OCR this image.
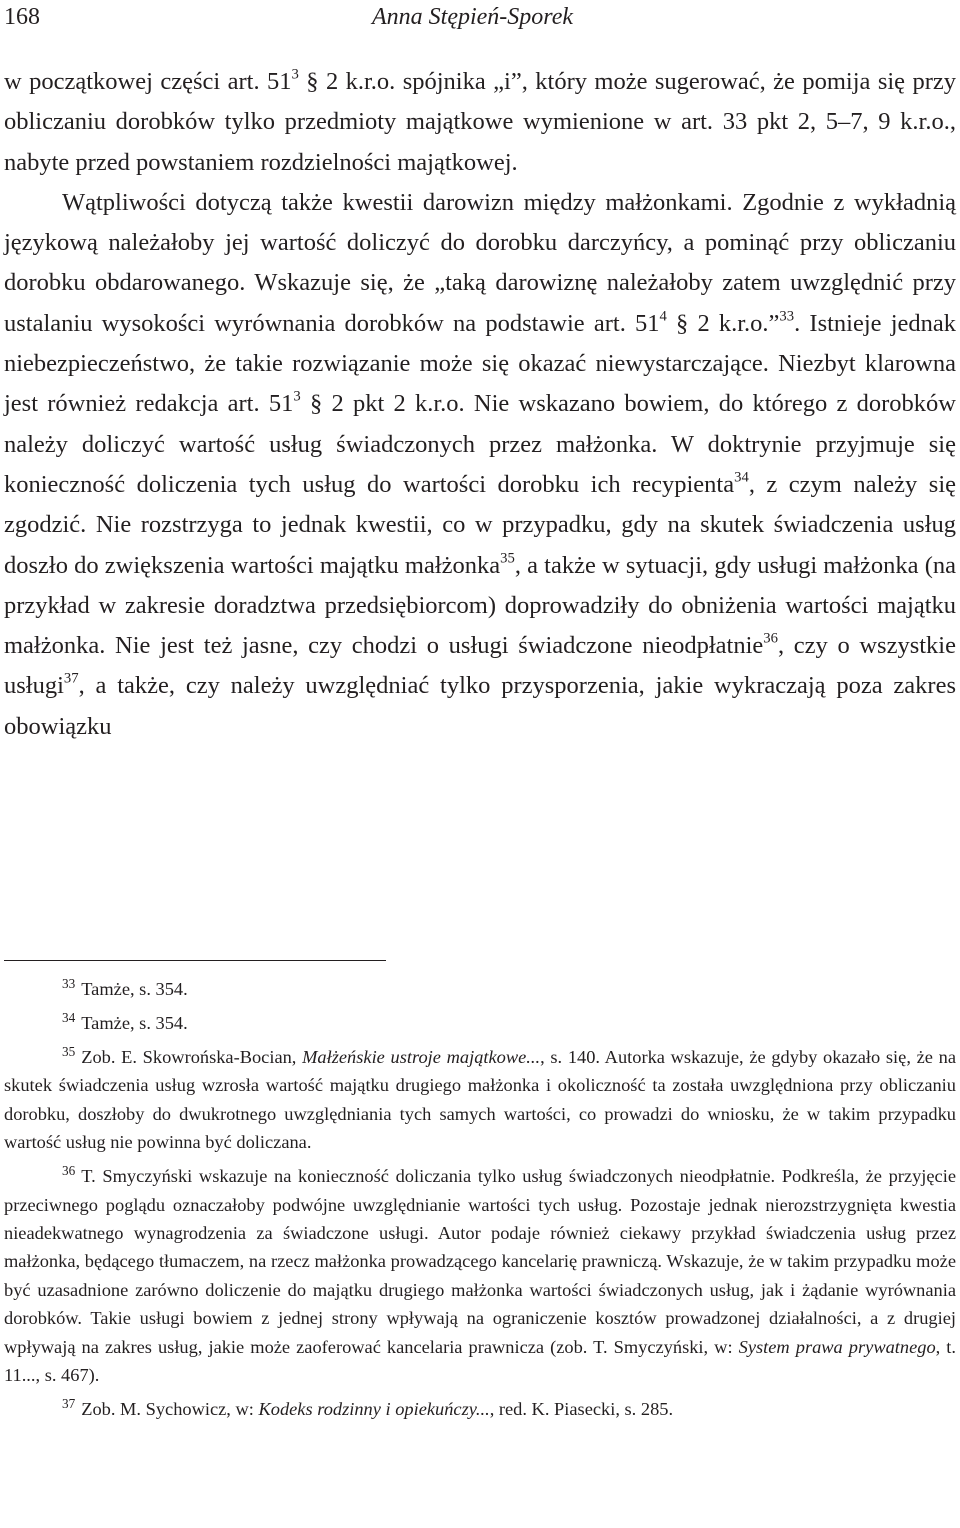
168	Anna Stępień-Sporek

w początkowej części art. $51^3$ § 2 k.r.o. spójnika „i”, który może sugerować, że pomija się przy obliczaniu dorobków tylko przedmioty majątkowe wymienione w art. 33 pkt 2, 5–7, 9 k.r.o., nabyte przed powstaniem rozdzielności majątkowej.

Wątpliwości dotyczą także kwestii darowizn między małżonkami. Zgodnie z wykładnią językową należałoby jej wartość doliczyć do dorobku darczyńcy, a pominąć przy obliczaniu dorobku obdarowanego. Wskazuje się, że „taką darowiznę należałoby zatem uwzględnić przy ustalaniu wysokości wyrównania dorobków na podstawie art. $51^4$ § 2 k.r.o.”$^{33}$. Istnieje jednak niebezpieczeństwo, że takie rozwiązanie może się okazać niewystarczające. Niezbyt klarowna jest również redakcja art. $51^3$ § 2 pkt 2 k.r.o. Nie wskazano bowiem, do którego z dorobków należy doliczyć wartość usług świadczonych przez małżonka. W doktrynie przyjmuje się konieczność doliczenia tych usług do wartości dorobku ich recypienta$^{34}$, z czym należy się zgodzić. Nie rozstrzyga to jednak kwestii, co w przypadku, gdy na skutek świadczenia usług doszło do zwiększenia wartości majątku małżonka$^{35}$, a także w sytuacji, gdy usługi małżonka (na przykład w zakresie doradztwa przedsiębiorcom) doprowadziły do obniżenia wartości majątku małżonka. Nie jest też jasne, czy chodzi o usługi świadczone nieodpłatnie$^{36}$, czy o wszystkie usługi$^{37}$, a także, czy należy uwzględniać tylko przysporzenia, jakie wykraczają poza zakres obowiązku

$^{33}$ Tamże, s. 354.

$^{34}$ Tamże, s. 354.

$^{35}$ Zob. E. Skowrońska-Bocian, Małżeńskie ustroje majątkowe..., s. 140. Autorka wskazuje, że gdyby okazało się, że na skutek świadczenia usług wzrosła wartość majątku drugiego małżonka i okoliczność ta została uwzględniona przy obliczaniu dorobku, doszłoby do dwukrotnego uwzględniania tych samych wartości, co prowadzi do wniosku, że w takim przypadku wartość usług nie powinna być doliczana.

$^{36}$ T. Smyczyński wskazuje na konieczność doliczania tylko usług świadczonych nieodpłatnie. Podkreśla, że przyjęcie przeciwnego poglądu oznaczałoby podwójne uwzględnianie wartości tych usług. Pozostaje jednak nierozstrzygnięta kwestia nieadekwatnego wynagrodzenia za świadczone usługi. Autor podaje również ciekawy przykład świadczenia usług przez małżonka, będącego tłumaczem, na rzecz małżonka prowadzącego kancelarię prawniczą. Wskazuje, że w takim przypadku może być uzasadnione zarówno doliczenie do majątku drugiego małżonka wartości świadczonych usług, jak i żądanie wyrównania dorobków. Takie usługi bowiem z jednej strony wpływają na ograniczenie kosztów prowadzonej działalności, a z drugiej wpływają na zakres usług, jakie może zaoferować kancelaria prawnicza (zob. T. Smyczyński, w: System prawa prywatnego, t. 11..., s. 467).

$^{37}$ Zob. M. Sychowicz, w: Kodeks rodzinny i opiekuńczy..., red. K. Piasecki, s. 285.
